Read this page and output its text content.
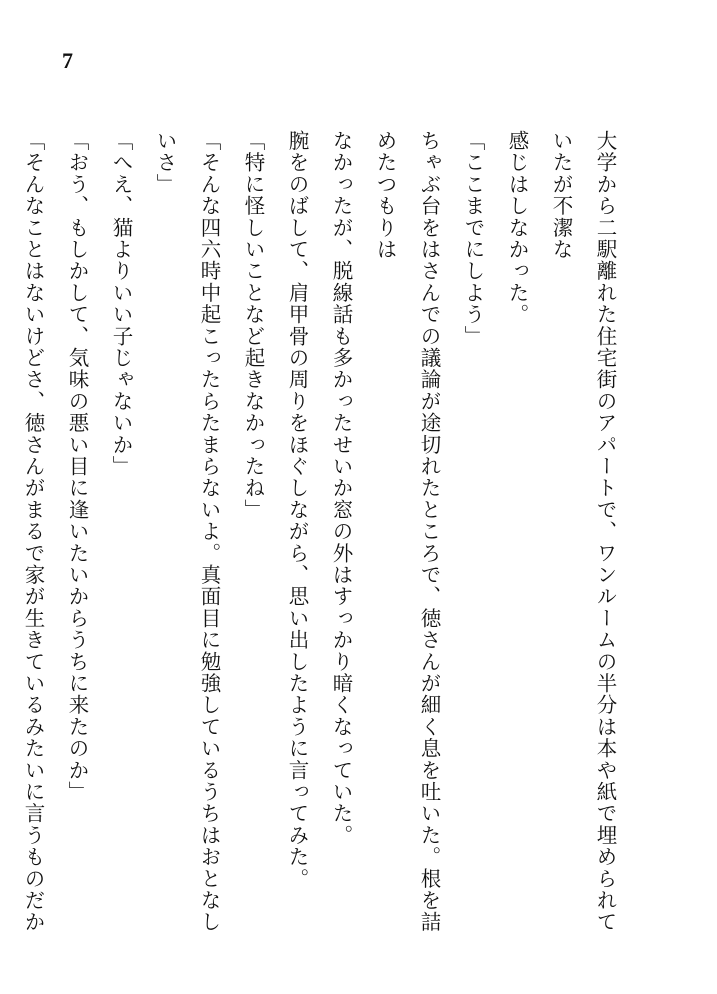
7
大学から二駅離れた住宅街のアパートで、ワンルームの半分は本や紙で埋められていたが不潔な
感じはしなかった。
「ここまでにしよう」
ちゃぶ台をはさんでの議論が途切れたところで、徳さんが細く息を吐いた。根を詰めたつもりは
なかったが、脱線話も多かったせいか窓の外はすっかり暗くなっていた。
腕をのばして、肩甲骨の周りをほぐしながら、思い出したように言ってみた。
「特に怪しいことなど起きなかったね」
「そんな四六時中起こったらたまらないよ。真面目に勉強しているうちはおとなしいさ」
「へえ、猫よりいい子じゃないか」
「おう、もしかして、気味の悪い目に逢いたいからうちに来たのか」
「そんなことはないけどさ、徳さんがまるで家が生きているみたいに言うものだか
